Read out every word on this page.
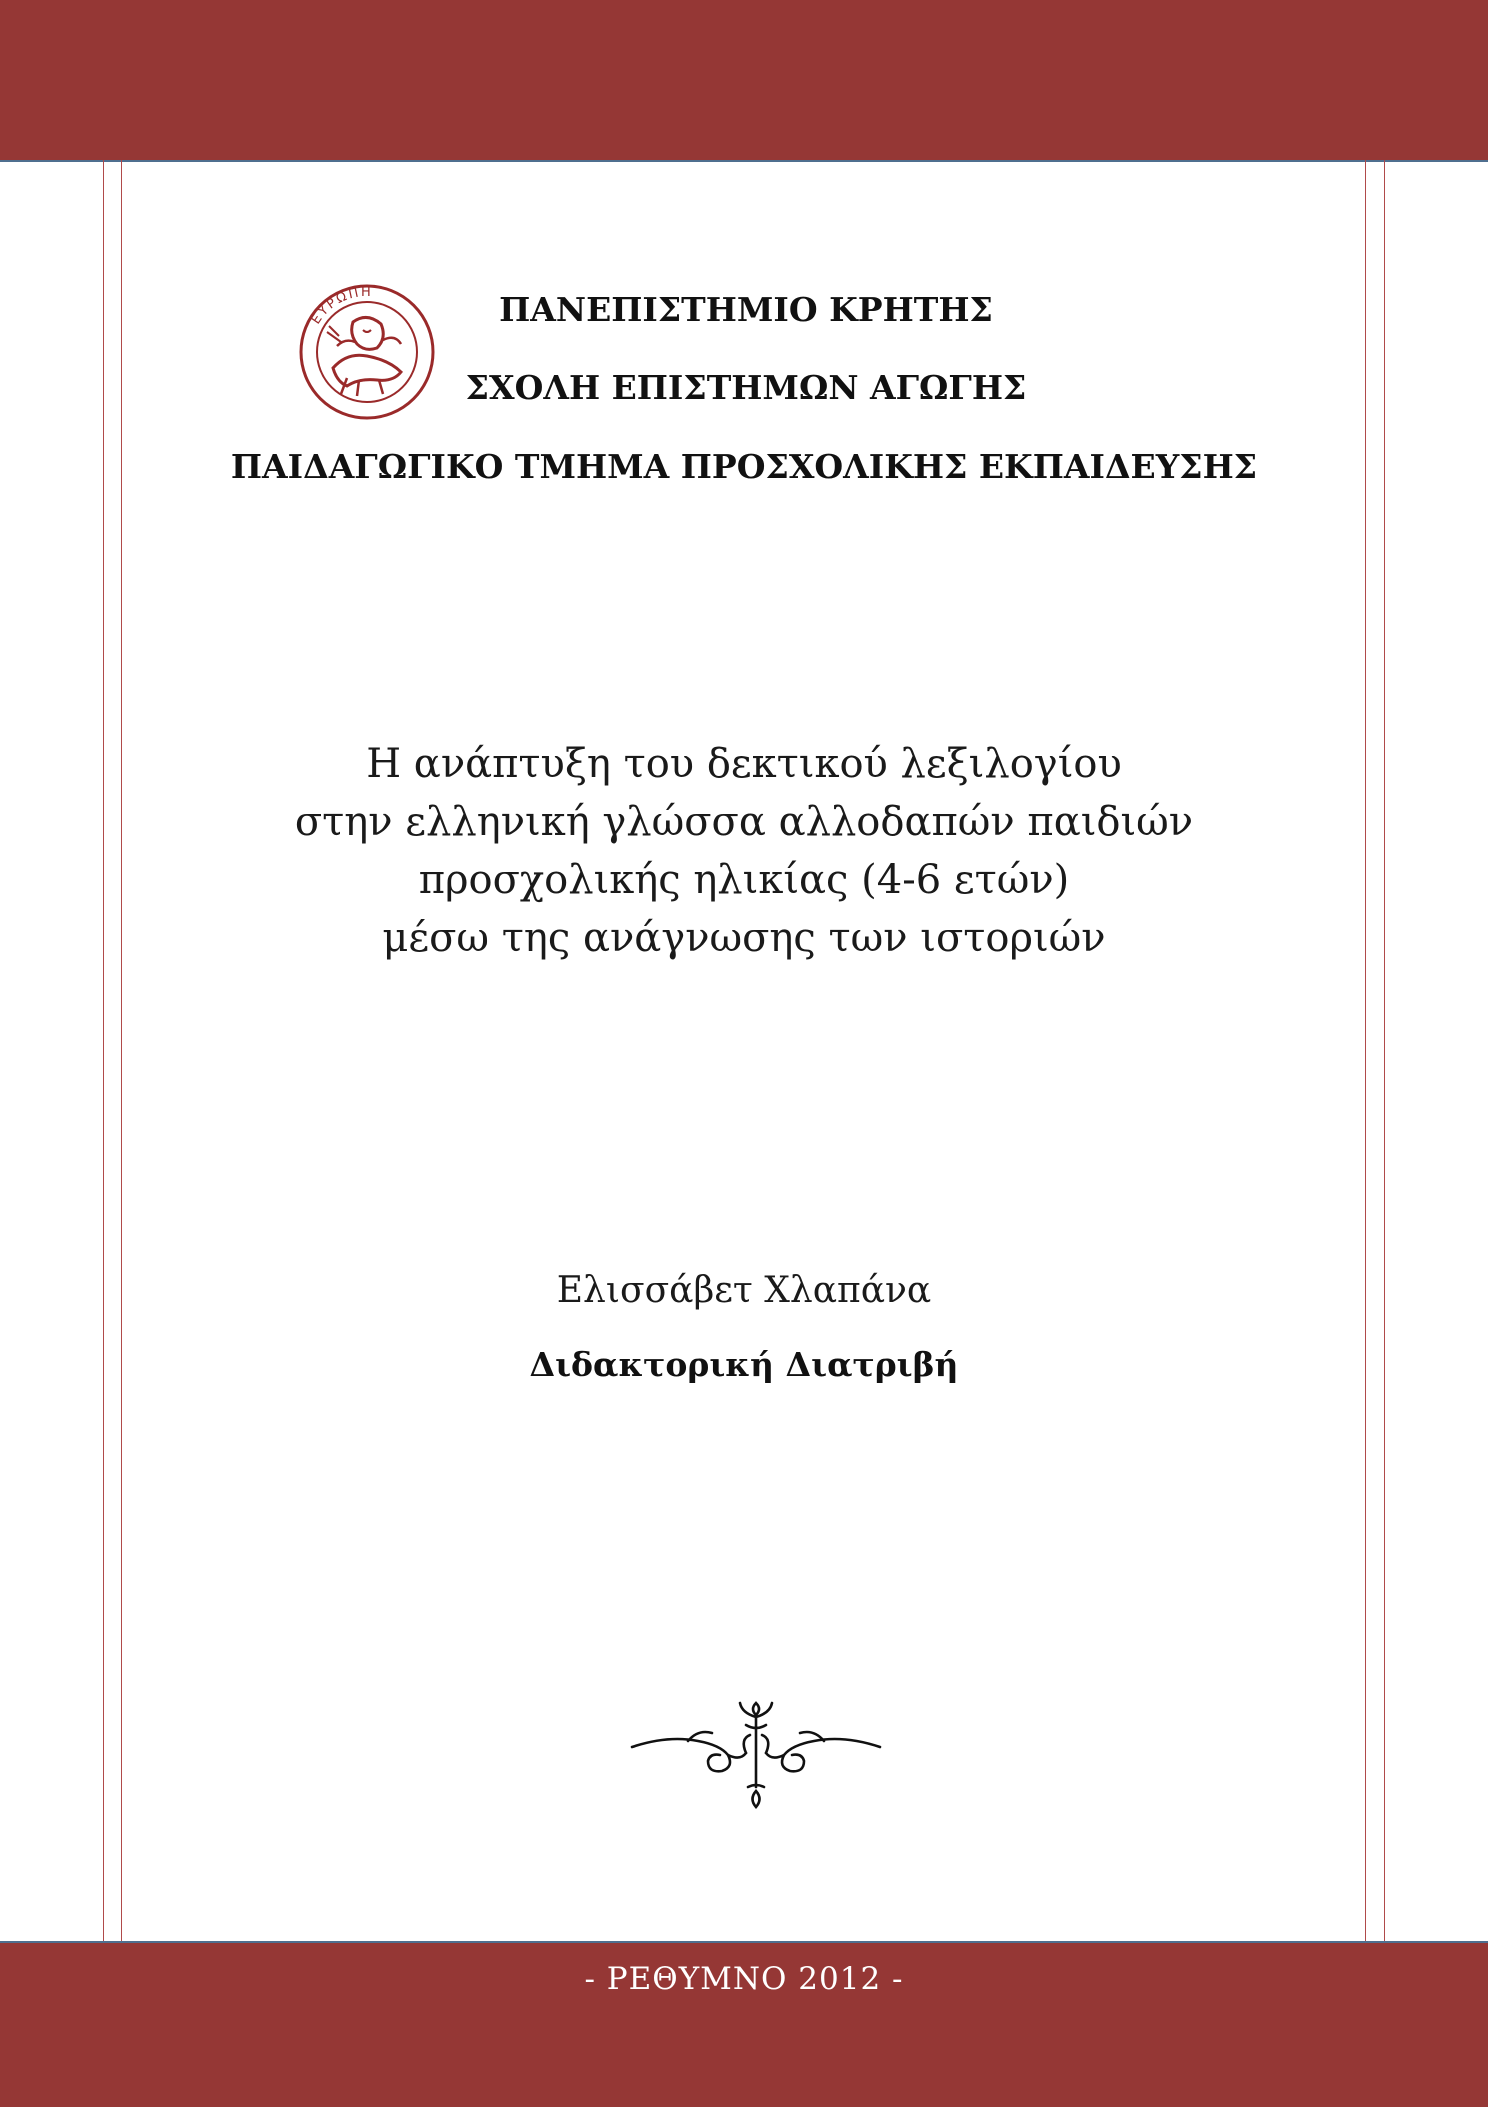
ΕΥΡΩΠΗ	ΠΑΝΕΠΙΣΤΗΜΙΟ ΚΡΗΤΗΣ
ΣΧΟΛΗ ΕΠΙΣΤΗΜΩΝ ΑΓΩΓΗΣ
ΠΑΙΔΑΓΩΓΙΚΟ ΤΜΗΜΑ ΠΡΟΣΧΟΛΙΚΗΣ ΕΚΠΑΙΔΕΥΣΗΣ
Η ανάπτυξη του δεκτικού λεξιλογίου
στην ελληνική γλώσσα αλλοδαπών παιδιών
προσχολικής ηλικίας (4-6 ετών)
μέσω της ανάγνωσης των ιστοριών
Ελισσάβετ Χλαπάνα
Διδακτορική Διατριβή
- ΡΕΘΥΜΝΟ 2012 -
